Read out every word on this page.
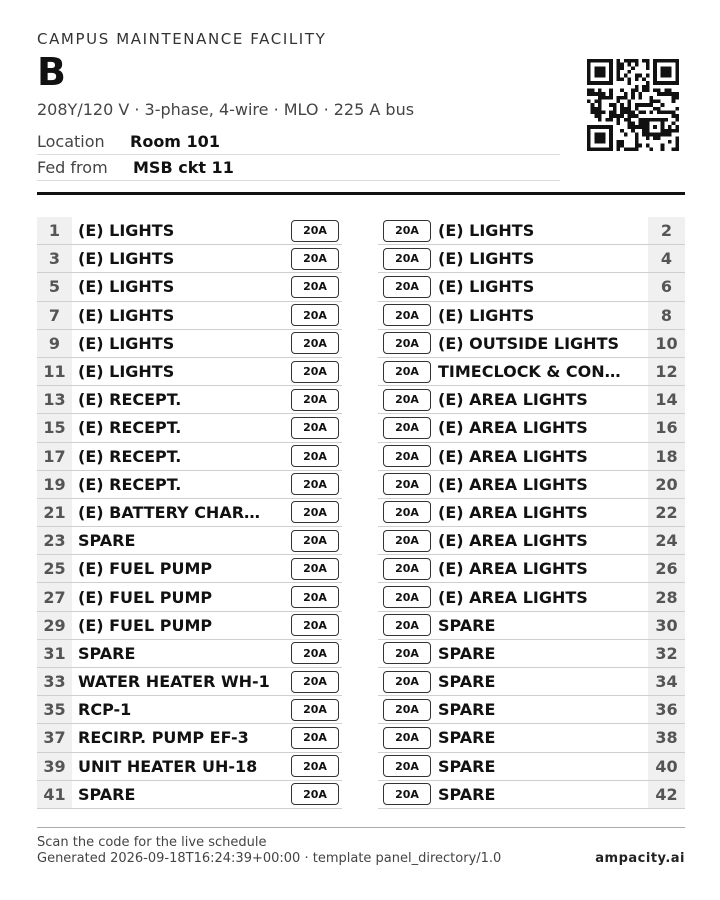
CAMPUS MAINTENANCE FACILITY
B
208Y/120 V · 3-phase, 4-wire · MLO · 225 A bus
Location	Room 101
Fed from	MSB ckt 11
1	(E) LIGHTS	20A
3	(E) LIGHTS	20A
5	(E) LIGHTS	20A
7	(E) LIGHTS	20A
9	(E) LIGHTS	20A
11 (E) LIGHTS	20A
13 (E) RECEPT.	20A
15 (E) RECEPT.	20A
17 (E) RECEPT.	20A
19 (E) RECEPT.	20A
21 (E) BATTERY CHAR…	20A
23 SPARE	20A
25 (E) FUEL PUMP	20A
27 (E) FUEL PUMP	20A
29 (E) FUEL PUMP	20A
31 SPARE	20A
33 WATER HEATER WH-1	20A
35 RCP-1	20A
37 RECIRP. PUMP EF-3	20A
39 UNIT HEATER UH-18	20A
41 SPARE	20A
20A	(E) LIGHTS	2
20A	(E) LIGHTS	4
20A	(E) LIGHTS	6
20A	(E) LIGHTS	8
20A	(E) OUTSIDE LIGHTS	10
20A	TIMECLOCK & CON…	12
20A	(E) AREA LIGHTS	14
20A	(E) AREA LIGHTS	16
20A	(E) AREA LIGHTS	18
20A	(E) AREA LIGHTS	20
20A	(E) AREA LIGHTS	22
20A	(E) AREA LIGHTS	24
20A	(E) AREA LIGHTS	26
20A	(E) AREA LIGHTS	28
20A	SPARE	30
20A	SPARE	32
20A	SPARE	34
20A	SPARE	36
20A	SPARE	38
20A	SPARE	40
20A	SPARE	42
Scan the code for the live schedule
Generated 2026-09-18T16:24:39+00:00 · template panel_directory/1.0	ampacity.ai
